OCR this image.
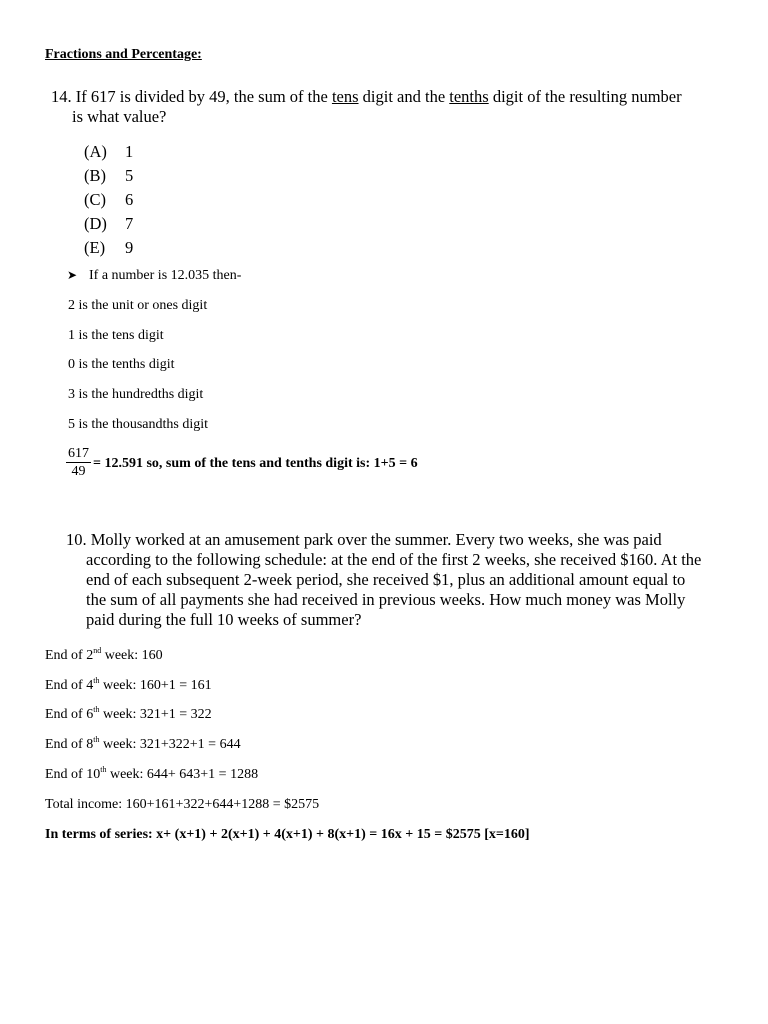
Fractions and Percentage:
14. If 617 is divided by 49, the sum of the tens digit and the tenths digit of the resulting number
is what value?
(A) 1
(B) 5
(C) 6
(D) 7
(E) 9
➤ If a number is 12.035 then-
2 is the unit or ones digit
1 is the tens digit
0 is the tenths digit
3 is the hundredths digit
5 is the thousandths digit
$\frac{617}{49} = 12.591$ so, sum of the tens and tenths digit is: 1+5 = 6
10. Molly worked at an amusement park over the summer. Every two weeks, she was paid
according to the following schedule: at the end of the first 2 weeks, she received $160. At the
end of each subsequent 2-week period, she received $1, plus an additional amount equal to
the sum of all payments she had received in previous weeks. How much money was Molly
paid during the full 10 weeks of summer?
End of 2nd week: 160
End of 4th week: 160+1 = 161
End of 6th week: 321+1 = 322
End of 8th week: 321+322+1 = 644
End of 10th week: 644+ 643+1 = 1288
Total income: 160+161+322+644+1288 = $2575
In terms of series: x+ (x+1) + 2(x+1) + 4(x+1) + 8(x+1) = 16x + 15 = $2575 [x=160]
